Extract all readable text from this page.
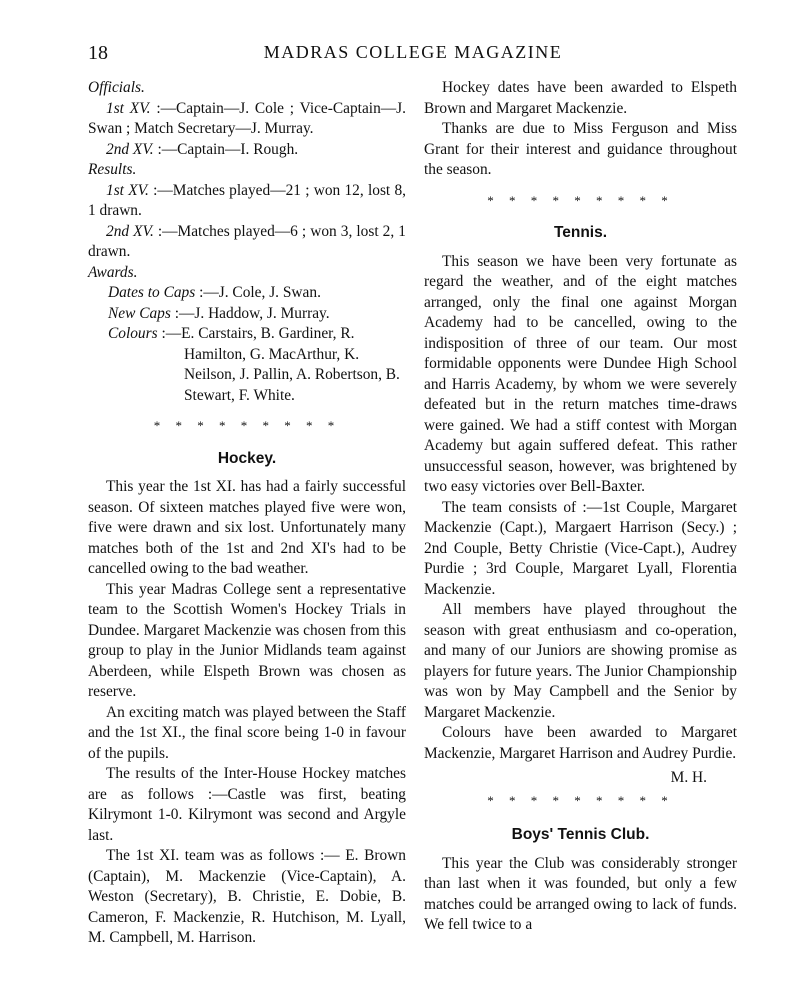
18	MADRAS COLLEGE MAGAZINE

Officials.

1st XV. :—Captain—J. Cole ; Vice-Captain—J. Swan ; Match Secretary—J. Murray.

2nd XV. :—Captain—I. Rough.

Results.

1st XV. :—Matches played—21 ; won 12, lost 8, 1 drawn.

2nd XV. :—Matches played—6 ; won 3, lost 2, 1 drawn.

Awards.

Dates to Caps :—J. Cole, J. Swan.
New Caps :—J. Haddow, J. Murray.
Colours :—E. Carstairs, B. Gardiner, R. Hamilton, G. MacArthur, K. Neilson, J. Pallin, A. Robertson, B. Stewart, F. White.
* * * * * * * * *
Hockey.

This year the 1st XI. has had a fairly successful season. Of sixteen matches played five were won, five were drawn and six lost. Unfortunately many matches both of the 1st and 2nd XI's had to be cancelled owing to the bad weather.

This year Madras College sent a representative team to the Scottish Women's Hockey Trials in Dundee. Margaret Mackenzie was chosen from this group to play in the Junior Midlands team against Aberdeen, while Elspeth Brown was chosen as reserve.

An exciting match was played between the Staff and the 1st XI., the final score being 1-0 in favour of the pupils.

The results of the Inter-House Hockey matches are as follows :—Castle was first, beating Kilrymont 1-0. Kilrymont was second and Argyle last.

The 1st XI. team was as follows :— E. Brown (Captain), M. Mackenzie (Vice-Captain), A. Weston (Secretary), B. Christie, E. Dobie, B. Cameron, F. Mackenzie, R. Hutchison, M. Lyall, M. Campbell, M. Harrison.

Hockey dates have been awarded to Elspeth Brown and Margaret Mackenzie.

Thanks are due to Miss Ferguson and Miss Grant for their interest and guidance throughout the season.

* * * * * * * * *
Tennis.

This season we have been very fortunate as regard the weather, and of the eight matches arranged, only the final one against Morgan Academy had to be cancelled, owing to the indisposition of three of our team. Our most formidable opponents were Dundee High School and Harris Academy, by whom we were severely defeated but in the return matches time-draws were gained. We had a stiff contest with Morgan Academy but again suffered defeat. This rather unsuccessful season, however, was brightened by two easy victories over Bell-Baxter.

The team consists of :—1st Couple, Margaret Mackenzie (Capt.), Margaert Harrison (Secy.) ; 2nd Couple, Betty Christie (Vice-Capt.), Audrey Purdie ; 3rd Couple, Margaret Lyall, Florentia Mackenzie.

All members have played throughout the season with great enthusiasm and co-operation, and many of our Juniors are showing promise as players for future years. The Junior Championship was won by May Campbell and the Senior by Margaret Mackenzie.

Colours have been awarded to Margaret Mackenzie, Margaret Harrison and Audrey Purdie.

M. H.
* * * * * * * * *
Boys' Tennis Club.

This year the Club was considerably stronger than last when it was founded, but only a few matches could be arranged owing to lack of funds. We fell twice to a
